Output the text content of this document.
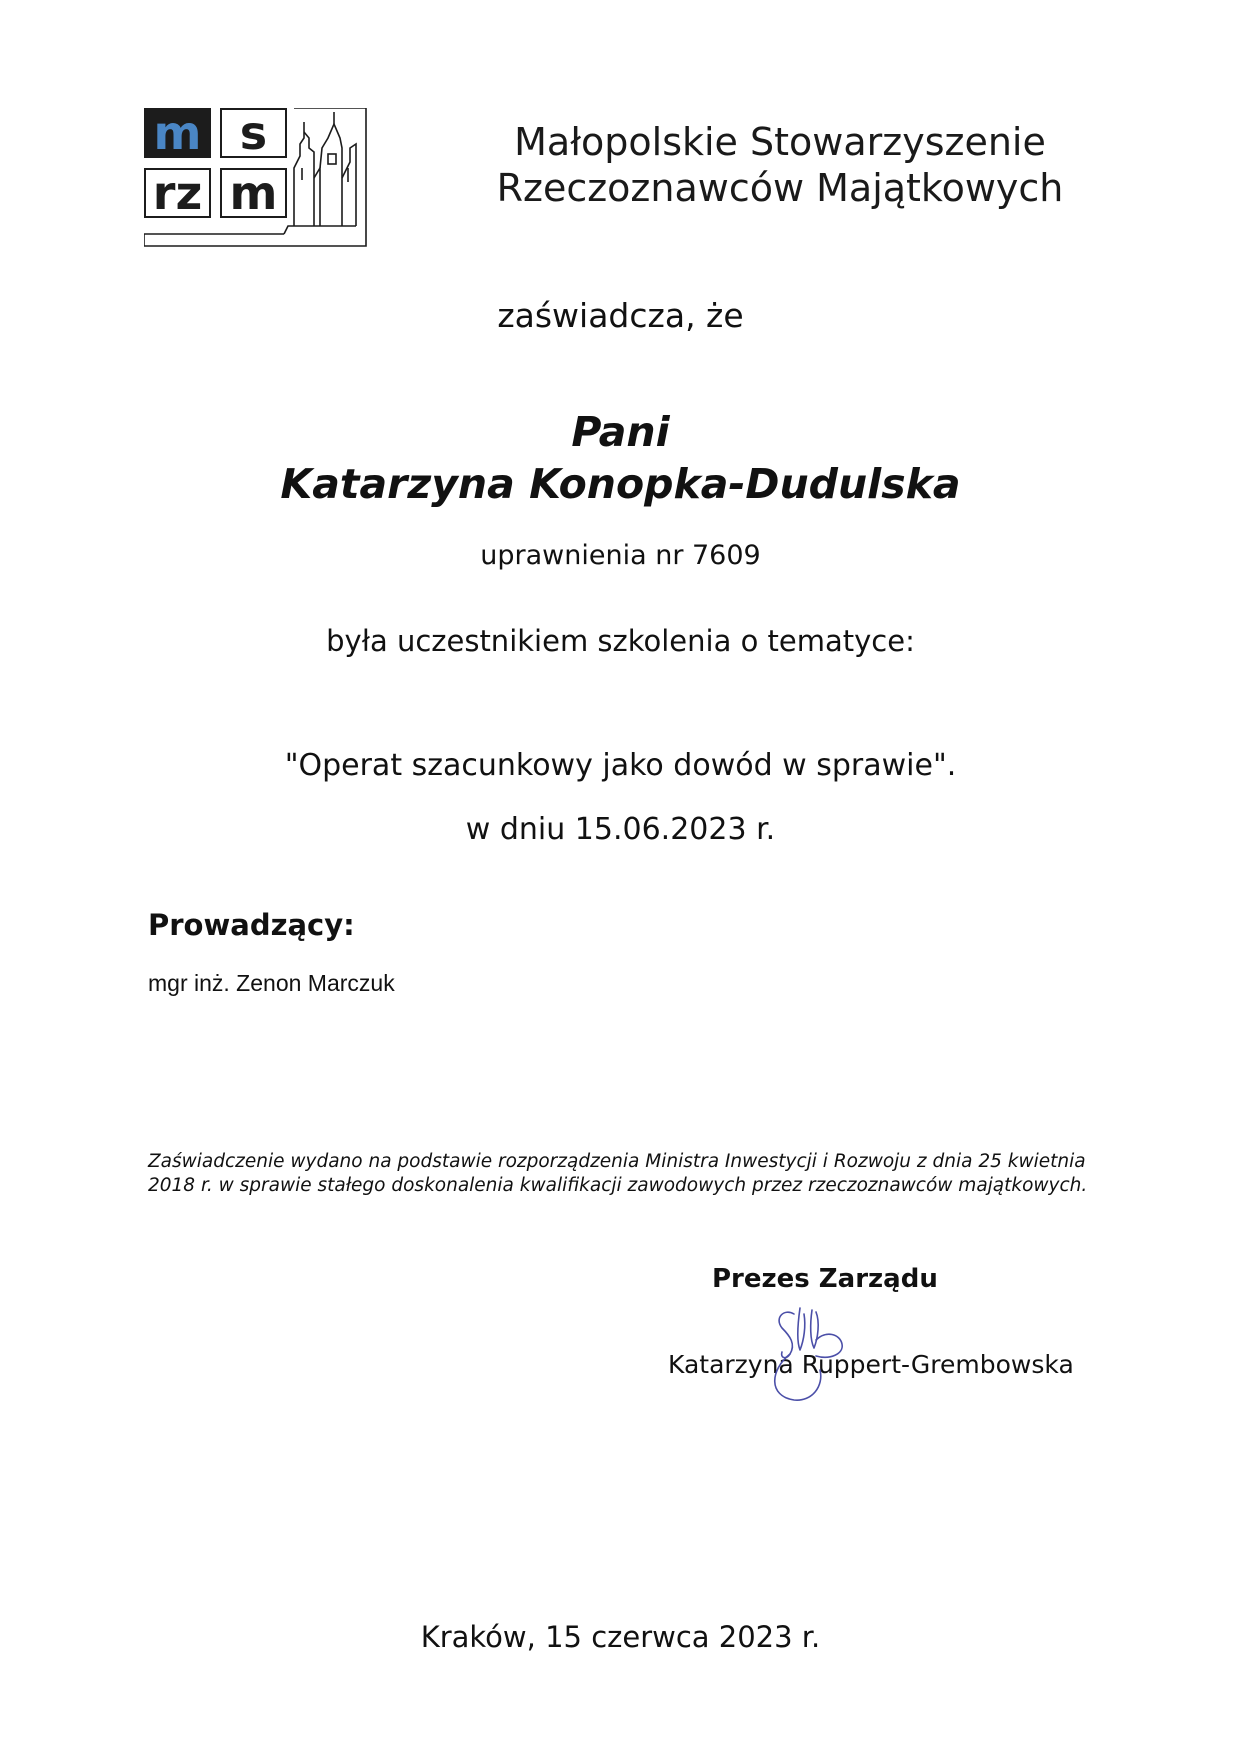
m s
rz m
Małopolskie Stowarzyszenie
Rzeczoznawców Majątkowych
zaświadcza, że
Pani
Katarzyna Konopka-Dudulska
uprawnienia nr 7609
była uczestnikiem szkolenia o tematyce:
"Operat szacunkowy jako dowód w sprawie".
w dniu 15.06.2023 r.
Prowadzący:
mgr inż. Zenon Marczuk
Zaświadczenie wydano na podstawie rozporządzenia Ministra Inwestycji i Rozwoju z dnia 25 kwietnia
2018 r. w sprawie stałego doskonalenia kwalifikacji zawodowych przez rzeczoznawców majątkowych.
Prezes Zarządu
Katarzyna Ruppert-Grembowska
Kraków, 15 czerwca 2023 r.
